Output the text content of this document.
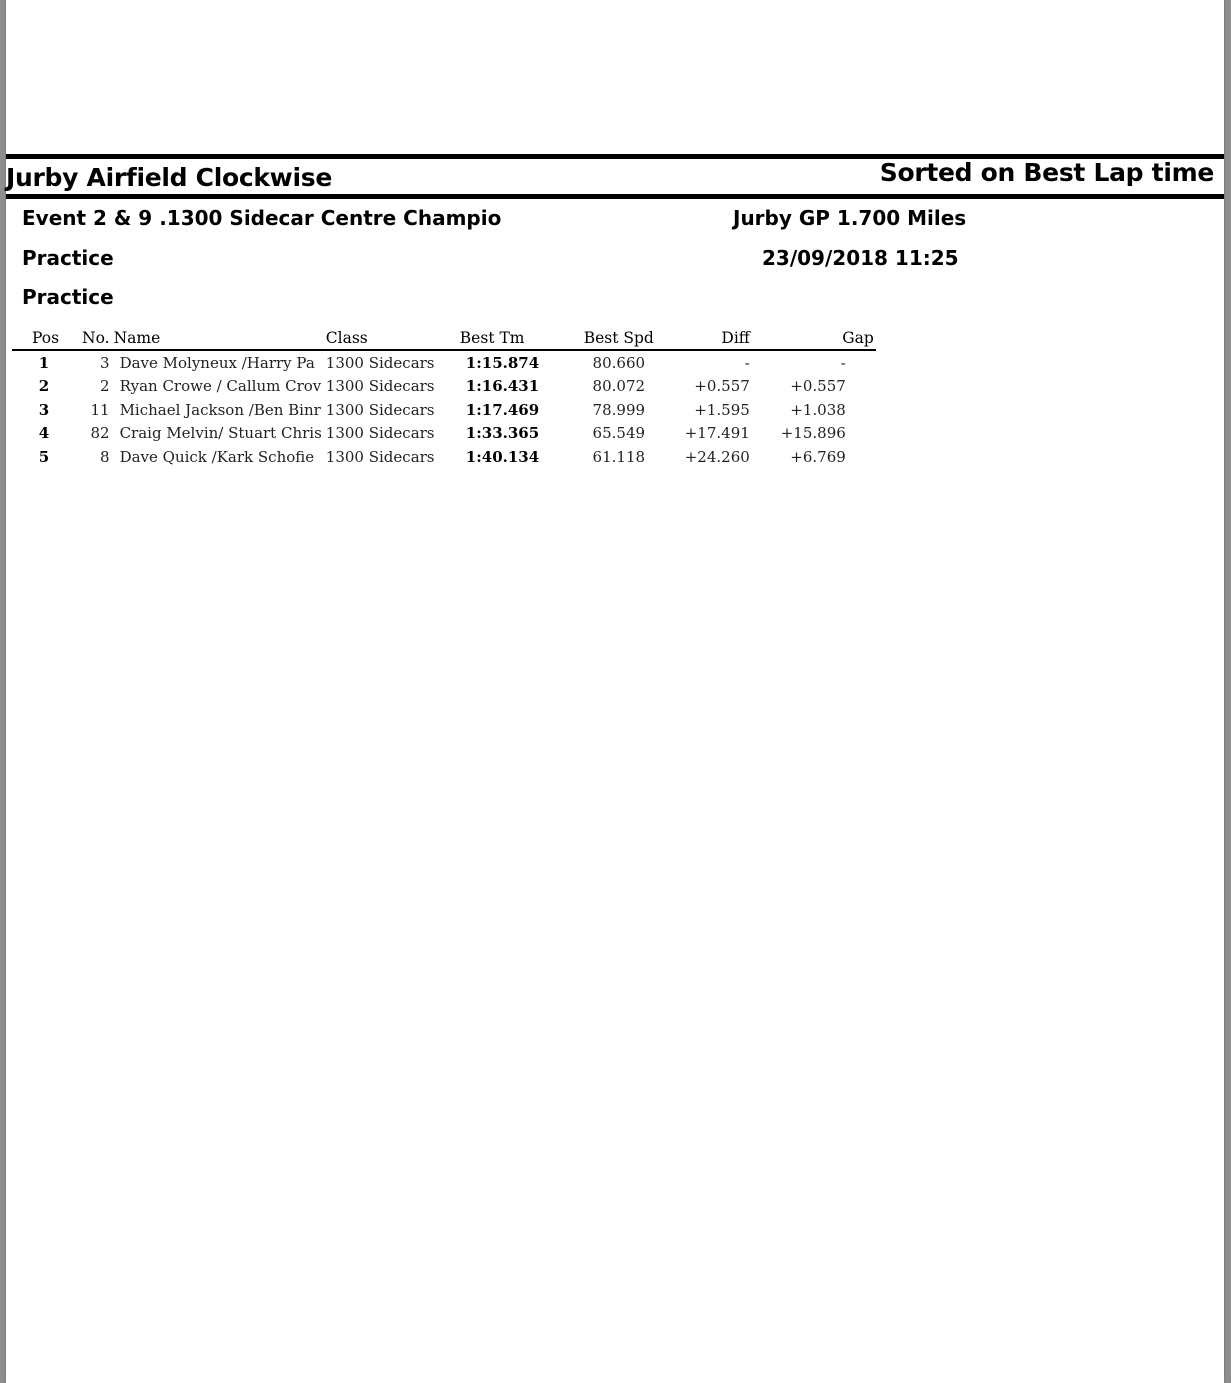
Jurby Airfield Clockwise	Sorted on Best Lap time
Event 2 & 9 .1300 Sidecar Centre Champio	Jurby GP 1.700 Miles
Practice	23/09/2018 11:25
Practice
Pos	No.	Name	Class	Best Tm	Best Spd	Diff	Gap
1	3	Dave Molyneux /Harry Pa	1300 Sidecars	1:15.874	80.660	-	-
2	2	Ryan Crowe / Callum Crov	1300 Sidecars	1:16.431	80.072	+0.557	+0.557
3	11	Michael Jackson /Ben Binr	1300 Sidecars	1:17.469	78.999	+1.595	+1.038
4	82	Craig Melvin/ Stuart Chris	1300 Sidecars	1:33.365	65.549	+17.491	+15.896
5	8	Dave Quick /Kark Schofie	1300 Sidecars	1:40.134	61.118	+24.260	+6.769
